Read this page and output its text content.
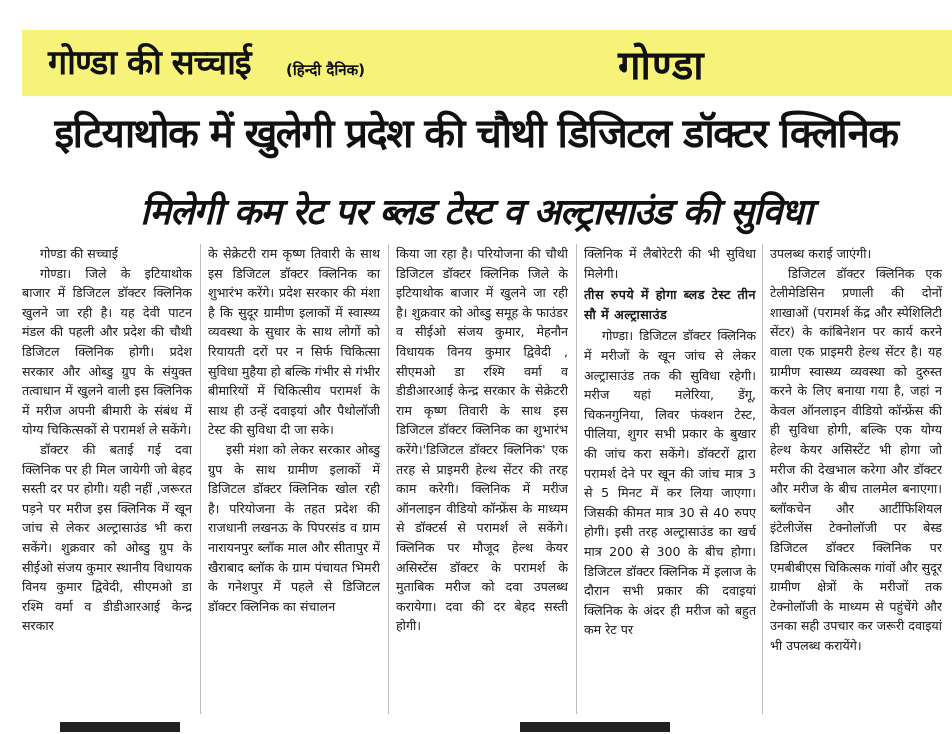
गोण्डा की सच्चाई (हिन्दी दैनिक)	गोण्डा
इटियाथोक में खुलेगी प्रदेश की चौथी डिजिटल डॉक्टर क्लिनिक
मिलेगी कम रेट पर ब्लड टेस्ट व अल्ट्रासाउंड की सुविधा

गोण्डा की सच्चाई

गोण्डा। जिले के इटियाथोक बाजार में डिजिटल डॉक्टर क्लिनिक खुलने जा रही है। यह देवी पाटन मंडल की पहली और प्रदेश की चौथी डिजिटल क्लिनिक होगी। प्रदेश सरकार और ओब्डु ग्रुप के संयुक्त तत्वाधान में खुलने वाली इस क्लिनिक में मरीज अपनी बीमारी के संबंध में योग्य चिकित्सकों से परामर्श ले सकेंगे।

डॉक्टर की बताई गई दवा क्लिनिक पर ही मिल जायेगी जो बेहद सस्ती दर पर होगी। यही नहीं ,जरूरत पड़ने पर मरीज इस क्लिनिक में खून जांच से लेकर अल्ट्रासाउंड भी करा सकेंगे। शुक्रवार को ओब्डु ग्रुप के सीईओ संजय कुमार स्थानीय विधायक विनय कुमार द्विवेदी, सीएमओ डा रश्मि वर्मा व डीडीआरआई केन्द्र सरकार

के सेक्रेटरी राम कृष्ण तिवारी के साथ इस डिजिटल डॉक्टर क्लिनिक का शुभारंभ करेंगे। प्रदेश सरकार की मंशा है कि सुदूर ग्रामीण इलाकों में स्वास्थ्य व्यवस्था के सुधार के साथ लोगों को रियायती दरों पर न सिर्फ चिकित्सा सुविधा मुहैया हो बल्कि गंभीर से गंभीर बीमारियों में चिकित्सीय परामर्श के साथ ही उन्हें दवाइयां और पैथोलॉजी टेस्ट की सुविधा दी जा सके।

इसी मंशा को लेकर सरकार ओब्डु ग्रुप के साथ ग्रामीण इलाकों में डिजिटल डॉक्टर क्लिनिक खोल रही है। परियोजना के तहत प्रदेश की राजधानी लखनऊ के पिपरसंड व ग्राम नारायनपुर ब्लॉक माल और सीतापुर में खैराबाद ब्लॉक के ग्राम पंचायत भिमरी के गनेशपुर में पहले से डिजिटल डॉक्टर क्लिनिक का संचालन

किया जा रहा है। परियोजना की चौथी डिजिटल डॉक्टर क्लिनिक जिले के इटियाथोक बाजार में खुलने जा रही है। शुक्रवार को ओब्डु समूह के फाउंडर व सीईओ संजय कुमार, मेहनौन विधायक विनय कुमार द्विवेदी , सीएमओ डा रश्मि वर्मा व डीडीआरआई केन्द्र सरकार के सेक्रेटरी राम कृष्ण तिवारी के साथ इस डिजिटल डॉक्टर क्लिनिक का शुभारंभ करेंगे।'डिजिटल डॉक्टर क्लिनिक' एक तरह से प्राइमरी हेल्थ सेंटर की तरह काम करेगी। क्लिनिक में मरीज ऑनलाइन वीडियो कॉन्फ्रेंस के माध्यम से डॉक्टर्स से परामर्श ले सकेंगे। क्लिनिक पर मौजूद हेल्थ केयर असिस्टेंस डॉक्टर के परामर्श के मुताबिक मरीज को दवा उपलब्ध करायेगा। दवा की दर बेहद सस्ती होगी।

क्लिनिक में लैबोरेटरी की भी सुविधा मिलेगी।

तीस रुपये में होगा ब्लड टेस्ट तीन सौ में अल्ट्रासाउंड

गोण्डा। डिजिटल डॉक्टर क्लिनिक में मरीजों के खून जांच से लेकर अल्ट्रासाउंड तक की सुविधा रहेगी। मरीज यहां मलेरिया, डेंगू, चिकनगुनिया, लिवर फंक्शन टेस्ट, पीलिया, शुगर सभी प्रकार के बुखार की जांच करा सकेंगे। डॉक्टरों द्वारा परामर्श देने पर खून की जांच मात्र 3 से 5 मिनट में कर लिया जाएगा। जिसकी कीमत मात्र 30 से 40 रुपए होगी। इसी तरह अल्ट्रासाउंड का खर्च मात्र 200 से 300 के बीच होगा। डिजिटल डॉक्टर क्लिनिक में इलाज के दौरान सभी प्रकार की दवाइयां क्लिनिक के अंदर ही मरीज को बहुत कम रेट पर

उपलब्ध कराई जाएंगी।

डिजिटल डॉक्टर क्लिनिक एक टेलीमेडिसिन प्रणाली की दोनों शाखाओं (परामर्श केंद्र और स्पेशिलिटी सेंटर) के कांबिनेशन पर कार्य करने वाला एक प्राइमरी हेल्थ सेंटर है। यह ग्रामीण स्वास्थ्य व्यवस्था को दुरुस्त करने के लिए बनाया गया है, जहां न केवल ऑनलाइन वीडियो कॉन्फ्रेंस की ही सुविधा होगी, बल्कि एक योग्य हेल्थ केयर असिस्टेंट भी होगा जो मरीज की देखभाल करेगा और डॉक्टर और मरीज के बीच तालमेल बनाएगा। ब्लॉकचेन और आर्टीफिशियल इंटेलीजेंस टेक्नोलॉजी पर बेस्ड डिजिटल डॉक्टर क्लिनिक पर एमबीबीएस चिकित्सक गांवों और सुदूर ग्रामीण क्षेत्रों के मरीजों तक टेक्नोलॉजी के माध्यम से पहुंचेंगे और उनका सही उपचार कर जरूरी दवाइयां भी उपलब्ध करायेंगे।
